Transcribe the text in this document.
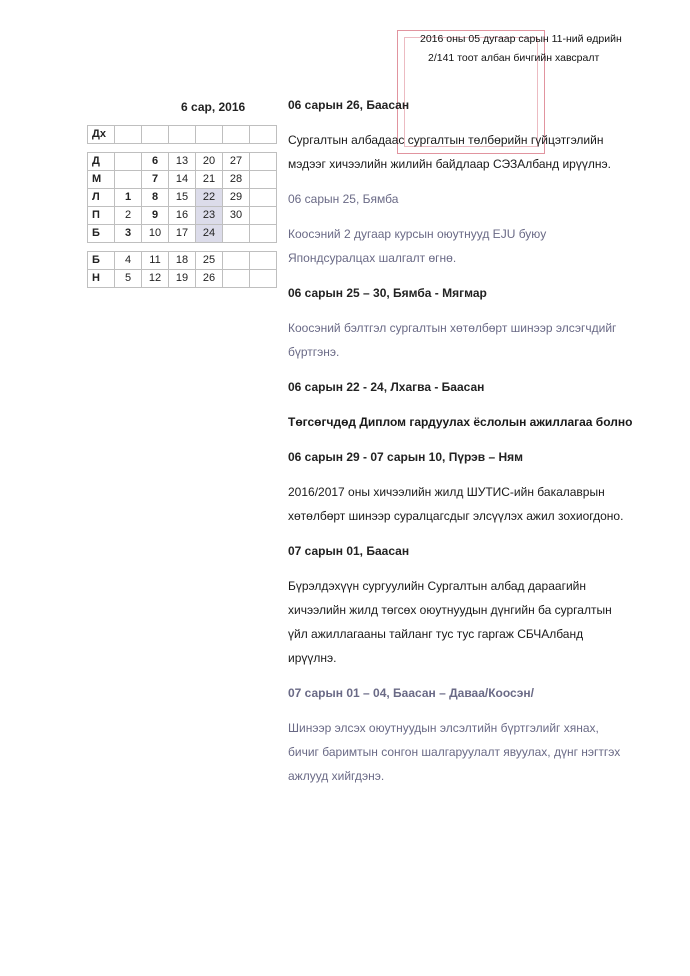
2016 оны 05 дугаар сарын 11-ний өдрийн
2/141 тоот албан бичгийн хавсралт
6 сар, 2016
Дх						
Д		6	13	20	27	
М		7	14	21	28	
Л	1	8	15	22	29	
П	2	9	16	23	30	
Б	3	10	17	24		
Б	4	11	18	25		
Н	5	12	19	26		
06 сарын 26, Баасан
Сургалтын албадаас сургалтын төлбөрийн гүйцэтгэлийн мэдээг хичээлийн жилийн байдлаар СЭЗАлбанд ирүүлнэ.
06 сарын 25, Бямба
Коосэний 2 дугаар курсын оюутнууд EJU буюу Япондсуралцах шалгалт өгнө.
06 сарын 25 – 30, Бямба - Мягмар
Коосэний бэлтгэл сургалтын хөтөлбөрт шинээр элсэгчдийг бүртгэнэ.
06 сарын 22 - 24, Лхагва - Баасан
Төгсөгчдөд Диплом гардуулах ёслолын ажиллагаа болно
06 сарын 29 - 07 сарын 10, Пүрэв – Ням
2016/2017 оны хичээлийн жилд ШУТИС-ийн бакалаврын хөтөлбөрт шинээр суралцагсдыг элсүүлэх ажил зохиогдоно.
07 сарын 01, Баасан
Бүрэлдэхүүн сургуулийн Сургалтын албад дараагийн хичээлийн жилд төгсөх оюутнуудын дүнгийн ба сургалтын үйл ажиллагааны тайланг тус тус гаргаж СБЧАлбанд ирүүлнэ.
07 сарын 01 – 04, Баасан – Даваа/Коосэн/
Шинээр элсэх оюутнуудын элсэлтийн бүртгэлийг хянах, бичиг баримтын сонгон шалгаруулалт явуулах, дүнг нэгтгэх ажлууд хийгдэнэ.
